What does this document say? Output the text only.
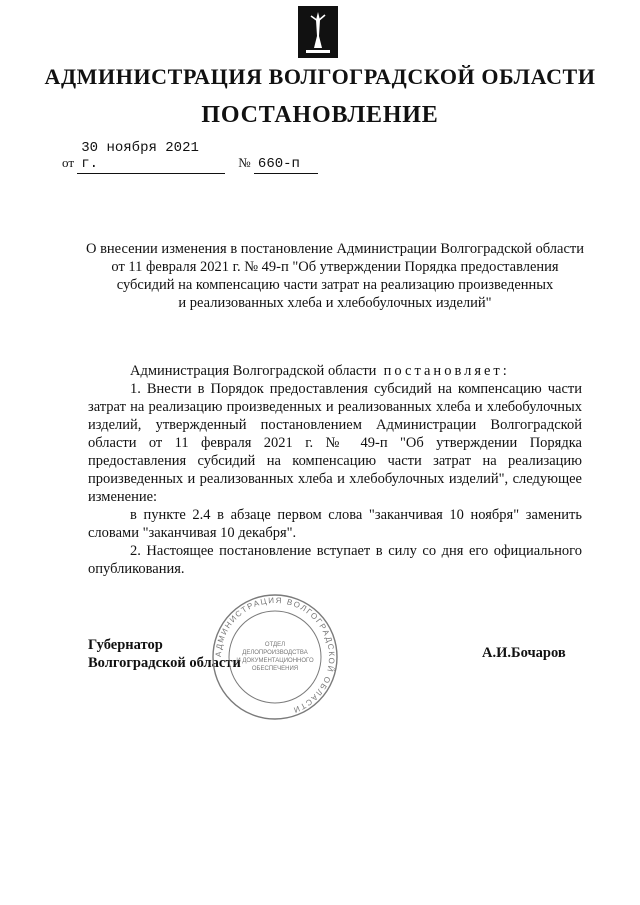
АДМИНИСТРАЦИЯ ВОЛГОГРАДСКОЙ ОБЛАСТИ
ПОСТАНОВЛЕНИЕ
от 30 ноября 2021 г.	№ 660-п
О внесении изменения в постановление Администрации Волгоградской области
от 11 февраля 2021 г. № 49-п "Об утверждении Порядка предоставления
субсидий на компенсацию части затрат на реализацию произведенных
и реализованных хлеба и хлебобулочных изделий"

Администрация Волгоградской области постановляет:

1. Внести в Порядок предоставления субсидий на компенсацию части затрат на реализацию произведенных и реализованных хлеба и хлебобулочных изделий, утвержденный постановлением Администрации Волгоградской области от 11 февраля 2021 г. № 49-п "Об утверждении Порядка предоставления субсидий на компенсацию части затрат на реализацию произведенных и реализованных хлеба и хлебобулочных изделий", следующее изменение:

в пункте 2.4 в абзаце первом слова "заканчивая 10 ноября" заменить словами "заканчивая 10 декабря".

2. Настоящее постановление вступает в силу со дня его официального опубликования.

Губернатор
Волгоградской области
А.И.Бочаров
АДМИНИСТРАЦИЯ ВОЛГОГРАДСКОЙ ОБЛАСТИ
ОТДЕЛ
ДЕЛОПРОИЗВОДСТВА
И ДОКУМЕНТАЦИОННОГО
ОБЕСПЕЧЕНИЯ
